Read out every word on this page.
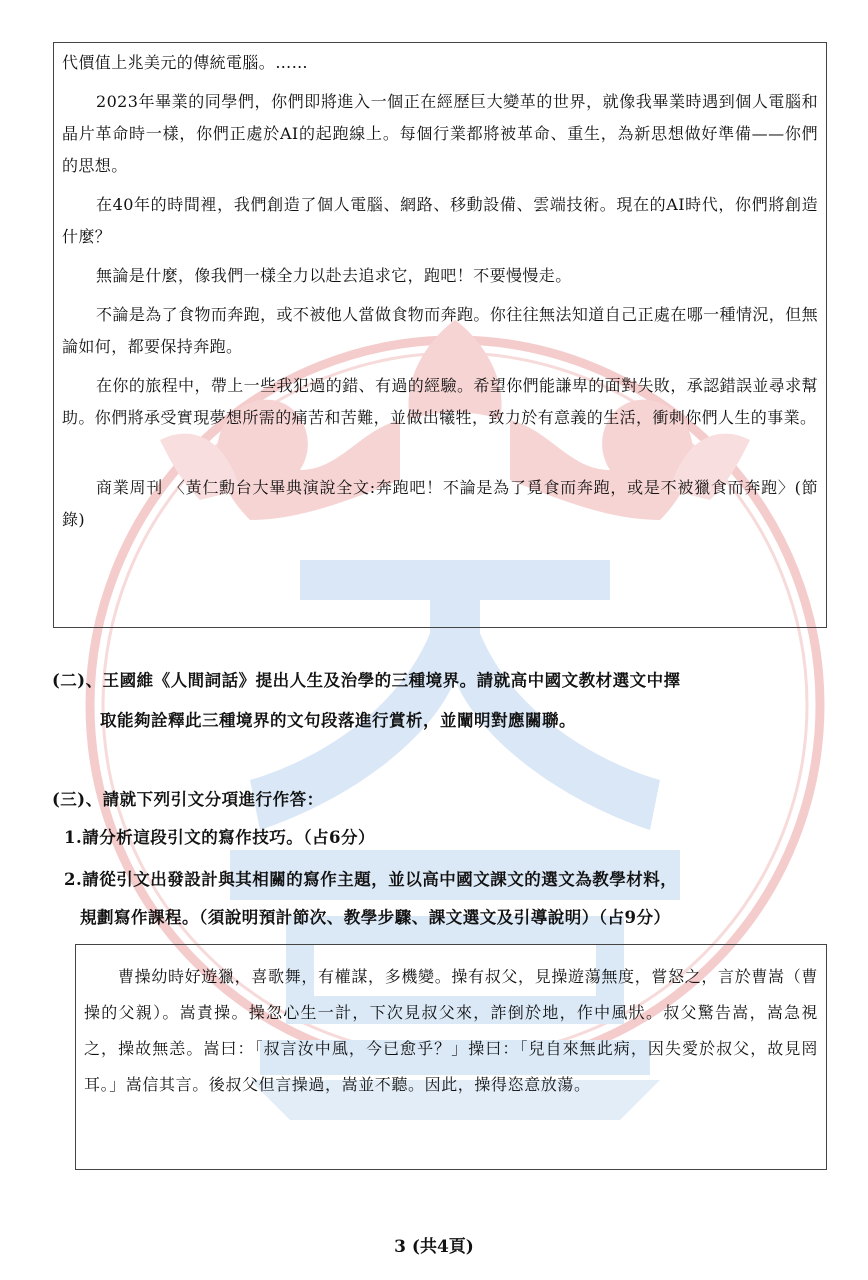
代價值上兆美元的傳統電腦。……

2023年畢業的同學們，你們即將進入一個正在經歷巨大變革的世界，就像我畢業時遇到個人電腦和晶片革命時一樣，你們正處於AI的起跑線上。每個行業都將被革命、重生，為新思想做好準備——你們的思想。

在40年的時間裡，我們創造了個人電腦、網路、移動設備、雲端技術。現在的AI時代，你們將創造什麼？

無論是什麼，像我們一樣全力以赴去追求它，跑吧！不要慢慢走。

不論是為了食物而奔跑，或不被他人當做食物而奔跑。你往往無法知道自己正處在哪一種情況，但無論如何，都要保持奔跑。

在你的旅程中，帶上一些我犯過的錯、有過的經驗。希望你們能謙卑的面對失敗，承認錯誤並尋求幫助。你們將承受實現夢想所需的痛苦和苦難，並做出犧牲，致力於有意義的生活，衝刺你們人生的事業。

商業周刊 〈黃仁勳台大畢典演說全文:奔跑吧！不論是為了覓食而奔跑，或是不被獵食而奔跑〉(節錄)

(二)、王國維《人間詞話》提出人生及治學的三種境界。請就高中國文教材選文中擇

取能夠詮釋此三種境界的文句段落進行賞析，並闡明對應關聯。

(三)、請就下列引文分項進行作答：

1.請分析這段引文的寫作技巧。（占6分）

2.請從引文出發設計與其相關的寫作主題，並以高中國文課文的選文為教學材料，

規劃寫作課程。（須說明預計節次、教學步驟、課文選文及引導說明）（占9分）

曹操幼時好遊獵，喜歌舞，有權謀，多機變。操有叔父，見操遊蕩無度，嘗怒之，言於曹嵩（曹操的父親）。嵩責操。操忽心生一計，下次見叔父來，詐倒於地，作中風狀。叔父驚告嵩，嵩急視之，操故無恙。嵩曰：「叔言汝中風，今已愈乎？」操曰：「兒自來無此病，因失愛於叔父，故見罔耳。」嵩信其言。後叔父但言操過，嵩並不聽。因此，操得恣意放蕩。

3 (共4頁)
